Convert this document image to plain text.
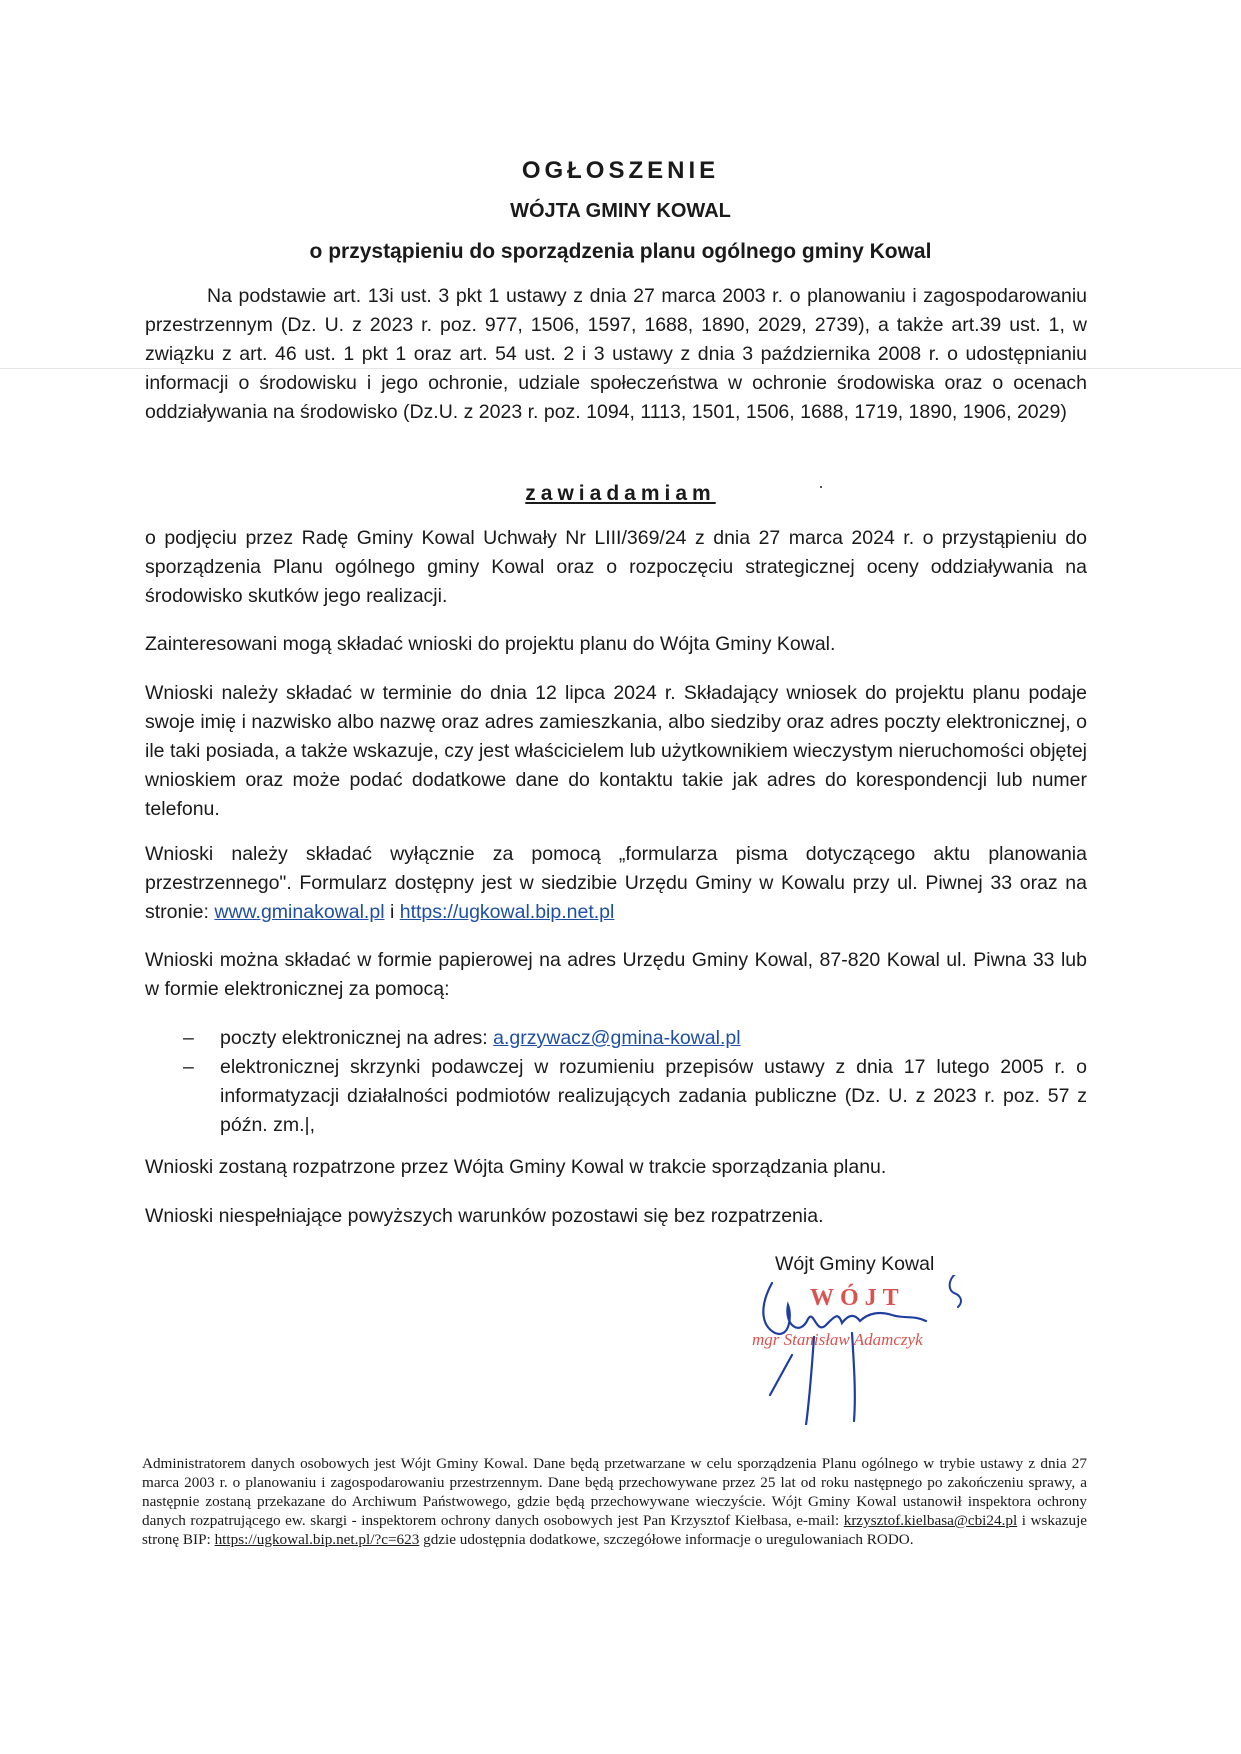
OGŁOSZENIE
WÓJTA GMINY KOWAL
o przystąpieniu do sporządzenia planu ogólnego gminy Kowal
Na podstawie art. 13i ust. 3 pkt 1 ustawy z dnia 27 marca 2003 r. o planowaniu i zagospodarowaniu przestrzennym (Dz. U. z 2023 r. poz. 977, 1506, 1597, 1688, 1890, 2029, 2739), a także art.39 ust. 1, w związku z art. 46 ust. 1 pkt 1 oraz art. 54 ust. 2 i 3 ustawy z dnia 3 października 2008 r. o udostępnianiu informacji o środowisku i jego ochronie, udziale społeczeństwa w ochronie środowiska oraz o ocenach oddziaływania na środowisko (Dz.U. z 2023 r. poz. 1094, 1113, 1501, 1506, 1688, 1719, 1890, 1906, 2029)
zawiadamiam
o podjęciu przez Radę Gminy Kowal Uchwały Nr LIII/369/24 z dnia 27 marca 2024 r. o przystąpieniu do sporządzenia Planu ogólnego gminy Kowal oraz o rozpoczęciu strategicznej oceny oddziaływania na środowisko skutków jego realizacji.
Zainteresowani mogą składać wnioski do projektu planu do Wójta Gminy Kowal.
Wnioski należy składać w terminie do dnia 12 lipca 2024 r. Składający wniosek do projektu planu podaje swoje imię i nazwisko albo nazwę oraz adres zamieszkania, albo siedziby oraz adres poczty elektronicznej, o ile taki posiada, a także wskazuje, czy jest właścicielem lub użytkownikiem wieczystym nieruchomości objętej wnioskiem oraz może podać dodatkowe dane do kontaktu takie jak adres do korespondencji lub numer telefonu.
Wnioski należy składać wyłącznie za pomocą „formularza pisma dotyczącego aktu planowania przestrzennego". Formularz dostępny jest w siedzibie Urzędu Gminy w Kowalu przy ul. Piwnej 33 oraz na stronie: www.gminakowal.pl i https://ugkowal.bip.net.pl
Wnioski można składać w formie papierowej na adres Urzędu Gminy Kowal, 87-820 Kowal ul. Piwna 33 lub w formie elektronicznej za pomocą:
– poczty elektronicznej na adres: a.grzywacz@gmina-kowal.pl
– elektronicznej skrzynki podawczej w rozumieniu przepisów ustawy z dnia 17 lutego 2005 r. o informatyzacji działalności podmiotów realizujących zadania publiczne (Dz. U. z 2023 r. poz. 57 z późn. zm.|,
Wnioski zostaną rozpatrzone przez Wójta Gminy Kowal w trakcie sporządzania planu.
Wnioski niespełniające powyższych warunków pozostawi się bez rozpatrzenia.
Wójt Gminy Kowal
WÓJT
mgr Stanisław Adamczyk
Administratorem danych osobowych jest Wójt Gminy Kowal. Dane będą przetwarzane w celu sporządzenia Planu ogólnego w trybie ustawy z dnia 27 marca 2003 r. o planowaniu i zagospodarowaniu przestrzennym. Dane będą przechowywane przez 25 lat od roku następnego po zakończeniu sprawy, a następnie zostaną przekazane do Archiwum Państwowego, gdzie będą przechowywane wieczyście. Wójt Gminy Kowal ustanowił inspektora ochrony danych rozpatrującego ew. skargi - inspektorem ochrony danych osobowych jest Pan Krzysztof Kiełbasa, e-mail: krzysztof.kielbasa@cbi24.pl i wskazuje stronę BIP: https://ugkowal.bip.net.pl/?c=623 gdzie udostępnia dodatkowe, szczegółowe informacje o uregulowaniach RODO.
